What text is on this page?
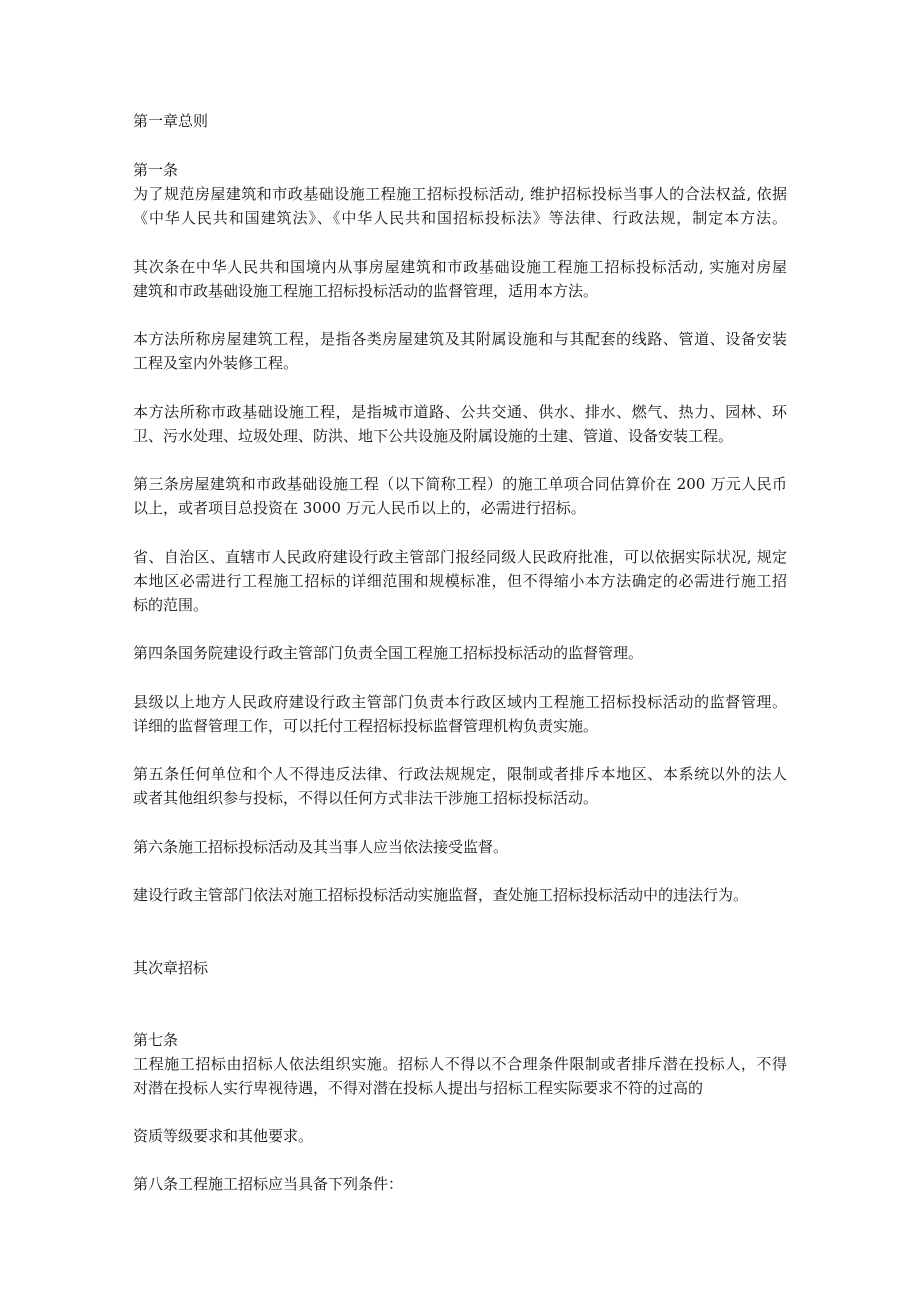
第一章总则

第一条

为了规范房屋建筑和市政基础设施工程施工招标投标活动, 维护招标投标当事人的合法权益, 依据

《中华人民共和国建筑法》、《中华人民共和国招标投标法》等法律、行政法规，制定本方法。

其次条在中华人民共和国境内从事房屋建筑和市政基础设施工程施工招标投标活动, 实施对房屋

建筑和市政基础设施工程施工招标投标活动的监督管理，适用本方法。

本方法所称房屋建筑工程，是指各类房屋建筑及其附属设施和与其配套的线路、管道、设备安装

工程及室内外装修工程。

本方法所称市政基础设施工程，是指城市道路、公共交通、供水、排水、燃气、热力、园林、环

卫、污水处理、垃圾处理、防洪、地下公共设施及附属设施的土建、管道、设备安装工程。

第三条房屋建筑和市政基础设施工程（以下简称工程）的施工单项合同估算价在 200 万元人民币

以上，或者项目总投资在 3000 万元人民币以上的，必需进行招标。

省、自治区、直辖市人民政府建设行政主管部门报经同级人民政府批准，可以依据实际状况, 规定

本地区必需进行工程施工招标的详细范围和规模标准，但不得缩小本方法确定的必需进行施工招

标的范围。

第四条国务院建设行政主管部门负责全国工程施工招标投标活动的监督管理。

县级以上地方人民政府建设行政主管部门负责本行政区域内工程施工招标投标活动的监督管理。

详细的监督管理工作，可以托付工程招标投标监督管理机构负责实施。

第五条任何单位和个人不得违反法律、行政法规规定，限制或者排斥本地区、本系统以外的法人

或者其他组织参与投标，不得以任何方式非法干涉施工招标投标活动。

第六条施工招标投标活动及其当事人应当依法接受监督。

建设行政主管部门依法对施工招标投标活动实施监督，查处施工招标投标活动中的违法行为。

其次章招标

第七条

工程施工招标由招标人依法组织实施。招标人不得以不合理条件限制或者排斥潜在投标人，不得

对潜在投标人实行卑视待遇，不得对潜在投标人提出与招标工程实际要求不符的过高的

资质等级要求和其他要求。

第八条工程施工招标应当具备下列条件：
